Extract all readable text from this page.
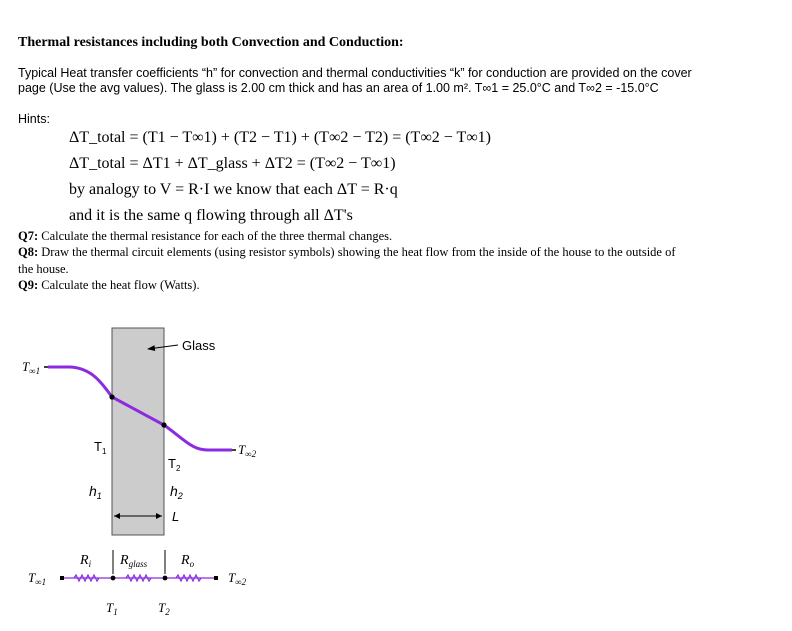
Thermal resistances including both Convection and Conduction:
Typical Heat transfer coefficients “h” for convection and thermal conductivities “k” for conduction are provided on the cover
page (Use the avg values). The glass is 2.00 cm thick and has an area of 1.00 m². T∞1 = 25.0°C and T∞2 = -15.0°C
Hints:
ΔT_total = (T1 − T∞1) + (T2 − T1) + (T∞2 − T2) = (T∞2 − T∞1)
ΔT_total = ΔT1 + ΔT_glass + ΔT2 = (T∞2 − T∞1)
by analogy to V = R·I we know that each ΔT = R·q
and it is the same q flowing through all ΔT's
Q7: Calculate the thermal resistance for each of the three thermal changes.
Q8: Draw the thermal circuit elements (using resistor symbols) showing the heat flow from the inside of the house to the outside of
the house.
Q9: Calculate the heat flow (Watts).
Glass
$T_{\infty 1}$
$T_{\infty 2}$
$T_1$
$T_2$
$h_1$	$h_2$
L
$R_i$ $R_{glass}$ $R_o$
$T_{\infty 1}$	$T_{\infty 2}$
$T_1$	$T_2$
